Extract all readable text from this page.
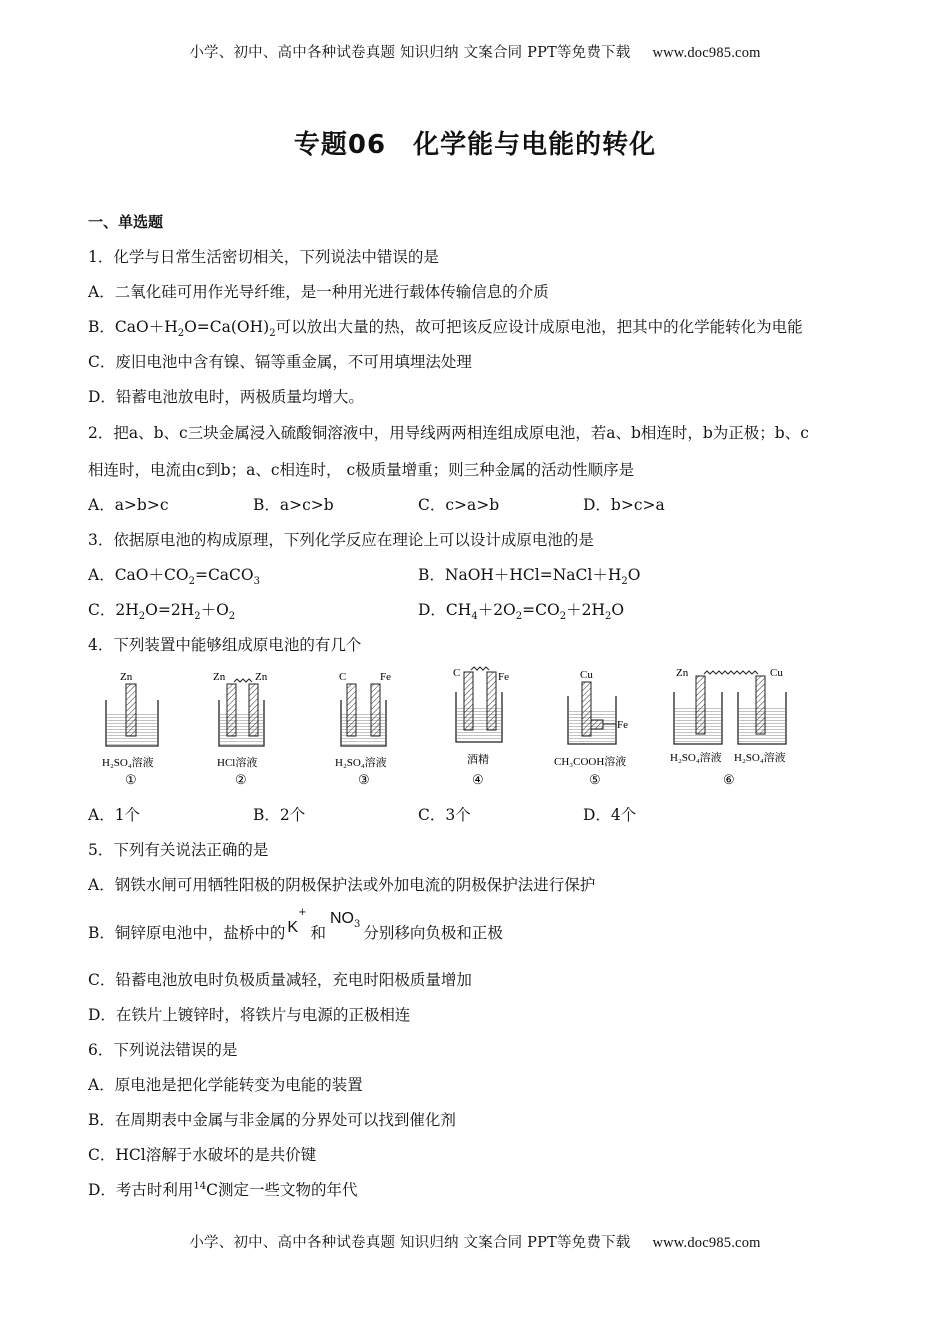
小学、初中、高中各种试卷真题 知识归纳 文案合同 PPT等免费下载 www.doc985.com
专题06　化学能与电能的转化
一、单选题
1．化学与日常生活密切相关，下列说法中错误的是
A．二氧化硅可用作光导纤维，是一种用光进行载体传输信息的介质
B．$CaO+H_2O=Ca(OH)_2$可以放出大量的热，故可把该反应设计成原电池，把其中的化学能转化为电能
C．废旧电池中含有镍、镉等重金属，不可用填埋法处理
D．铅蓄电池放电时，两极质量均增大。
2．把a、b、c三块金属浸入硫酸铜溶液中，用导线两两相连组成原电池，若a、b相连时，b为正极；b、c
相连时，电流由c到b；a、c相连时， c极质量增重；则三种金属的活动性顺序是
A．a>b>c	B．a>c>b	C．c>a>b	D．b>c>a
3．依据原电池的构成原理，下列化学反应在理论上可以设计成原电池的是
A．$CaO+CO_2=CaCO_3$	B．$NaOH+HCl=NaCl+H_2O$
C．$2H_2O=2H_2+O_2$	D．$CH_4+2O_2=CO_2+2H_2O$
4．下列装置中能够组成原电池的有几个
Zn
H₂SO₄溶液
①
Zn	Zn
HCl溶液
②
C	Fe
H₂SO₄溶液
③
C	Fe
酒精
④
Cu
Fe
CH₃COOH溶液
⑤
Zn	Cu
H₂SO₄溶液 H₂SO₄溶液
⑥
A．1个	B．2个	C．3个	D．4个
5．下列有关说法正确的是
A．钢铁水闸可用牺牲阳极的阴极保护法或外加电流的阴极保护法进行保护
B．铜锌原电池中，盐桥中的 K+和$NO_3$ 分别移向负极和正极
C．铅蓄电池放电时负极质量减轻，充电时阳极质量增加
D．在铁片上镀锌时，将铁片与电源的正极相连
6．下列说法错误的是
A．原电池是把化学能转变为电能的装置
B．在周期表中金属与非金属的分界处可以找到催化剂
C．HCl溶解于水破坏的是共价键
D．考古时利用$^{14}$C测定一些文物的年代
小学、初中、高中各种试卷真题 知识归纳 文案合同 PPT等免费下载 www.doc985.com
